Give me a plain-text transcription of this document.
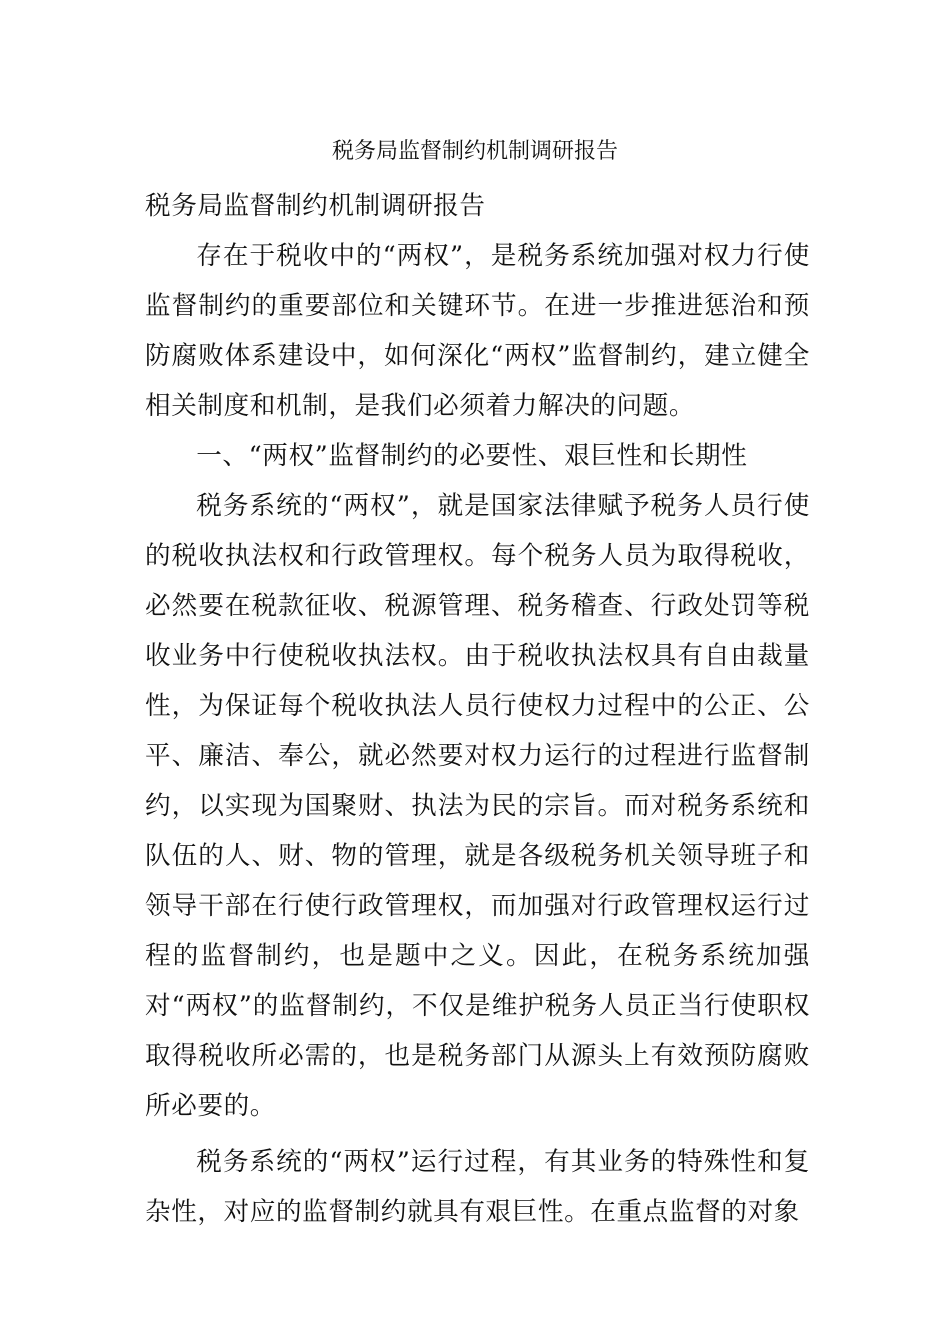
税务局监督制约机制调研报告

税务局监督制约机制调研报告

存在于税收中的“两权”，是税务系统加强对权力行使监督制约的重要部位和关键环节。在进一步推进惩治和预防腐败体系建设中，如何深化“两权”监督制约，建立健全相关制度和机制，是我们必须着力解决的问题。

一、“两权”监督制约的必要性、艰巨性和长期性

税务系统的“两权”，就是国家法律赋予税务人员行使的税收执法权和行政管理权。每个税务人员为取得税收，必然要在税款征收、税源管理、税务稽查、行政处罚等税收业务中行使税收执法权。由于税收执法权具有自由裁量性，为保证每个税收执法人员行使权力过程中的公正、公平、廉洁、奉公，就必然要对权力运行的过程进行监督制约，以实现为国聚财、执法为民的宗旨。而对税务系统和队伍的人、财、物的管理，就是各级税务机关领导班子和领导干部在行使行政管理权，而加强对行政管理权运行过程的监督制约，也是题中之义。因此，在税务系统加强对“两权”的监督制约，不仅是维护税务人员正当行使职权取得税收所必需的，也是税务部门从源头上有效预防腐败所必要的。

税务系统的“两权”运行过程，有其业务的特殊性和复杂性，对应的监督制约就具有艰巨性。在重点监督的对象
